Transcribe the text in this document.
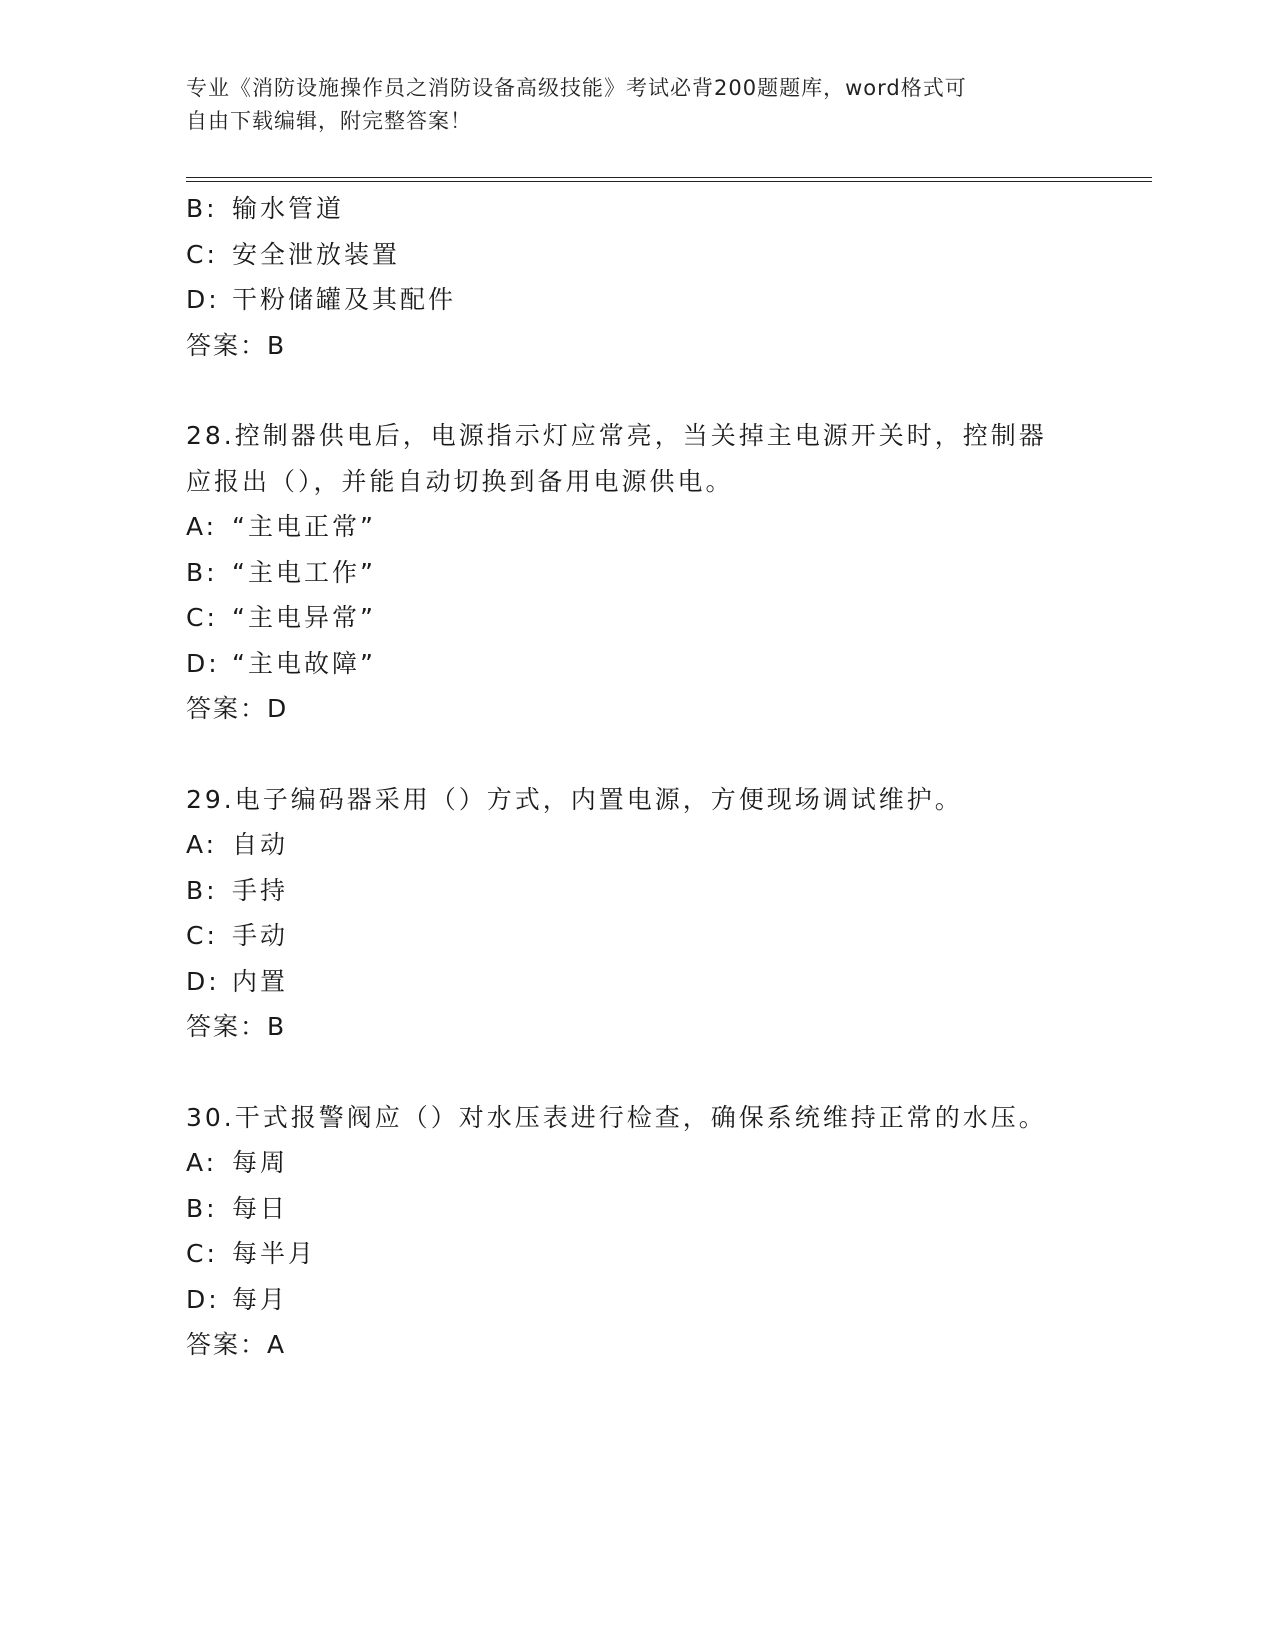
专业《消防设施操作员之消防设备高级技能》考试必背200题题库，word格式可
自由下载编辑，附完整答案！
B: 输水管道
C: 安全泄放装置
D: 干粉储罐及其配件
答案：B
28.控制器供电后，电源指示灯应常亮，当关掉主电源开关时，控制器
应报出（），并能自动切换到备用电源供电。
A: “主电正常”
B: “主电工作”
C: “主电异常”
D: “主电故障”
答案：D
29.电子编码器采用（）方式，内置电源，方便现场调试维护。
A: 自动
B: 手持
C: 手动
D: 内置
答案：B
30.干式报警阀应（）对水压表进行检查，确保系统维持正常的水压。
A: 每周
B: 每日
C: 每半月
D: 每月
答案：A
